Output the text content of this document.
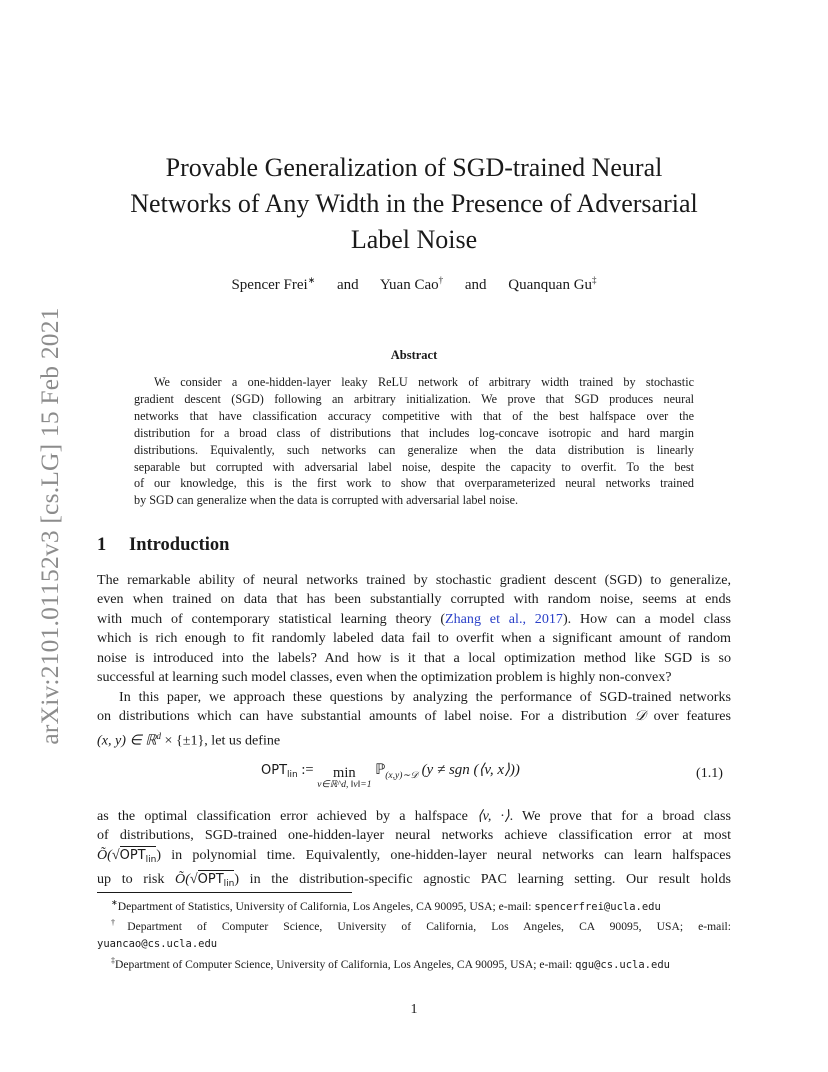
arXiv:2101.01152v3 [cs.LG] 15 Feb 2021
Provable Generalization of SGD-trained Neural
Networks of Any Width in the Presence of Adversarial
Label Noise
Spencer Frei∗ and Yuan Cao† and Quanquan Gu‡
Abstract
We consider a one-hidden-layer leaky ReLU network of arbitrary width trained by stochastic
gradient descent (SGD) following an arbitrary initialization. We prove that SGD produces neural
networks that have classification accuracy competitive with that of the best halfspace over the
distribution for a broad class of distributions that includes log-concave isotropic and hard margin
distributions. Equivalently, such networks can generalize when the data distribution is linearly
separable but corrupted with adversarial label noise, despite the capacity to overfit. To the best
of our knowledge, this is the first work to show that overparameterized neural networks trained
by SGD can generalize when the data is corrupted with adversarial label noise.
1 Introduction
The remarkable ability of neural networks trained by stochastic gradient descent (SGD) to generalize,
even when trained on data that has been substantially corrupted with random noise, seems at ends
with much of contemporary statistical learning theory (Zhang et al., 2017). How can a model class
which is rich enough to fit randomly labeled data fail to overfit when a significant amount of random
noise is introduced into the labels? And how is it that a local optimization method like SGD is so
successful at learning such model classes, even when the optimization problem is highly non-convex?
In this paper, we approach these questions by analyzing the performance of SGD-trained networks
on distributions which can have substantial amounts of label noise. For a distribution 𝒟 over features
(x, y) ∈ ℝ$^d$ × {±1}, let us define
$OPT_{lin}$ := min
v∈ℝ^d, ‖v‖=1
ℙ$_{(x,y)\sim 𝒟}$ (y ≠ sgn (⟨v, x⟩))	(1.1)
as the optimal classification error achieved by a halfspace ⟨v, ·⟩. We prove that for a broad class
of distributions, SGD-trained one-hidden-layer neural networks achieve classification error at most
$Õ(√OPT_{lin})$ in polynomial time. Equivalently, one-hidden-layer neural networks can learn halfspaces
up to risk $Õ(√OPT_{lin})$ in the distribution-specific agnostic PAC learning setting. Our result holds
∗Department of Statistics, University of California, Los Angeles, CA 90095, USA; e-mail: spencerfrei@ucla.edu
†Department of Computer Science, University of California, Los Angeles, CA 90095, USA; e-mail:
yuancao@cs.ucla.edu
‡Department of Computer Science, University of California, Los Angeles, CA 90095, USA; e-mail: qgu@cs.ucla.edu
1
